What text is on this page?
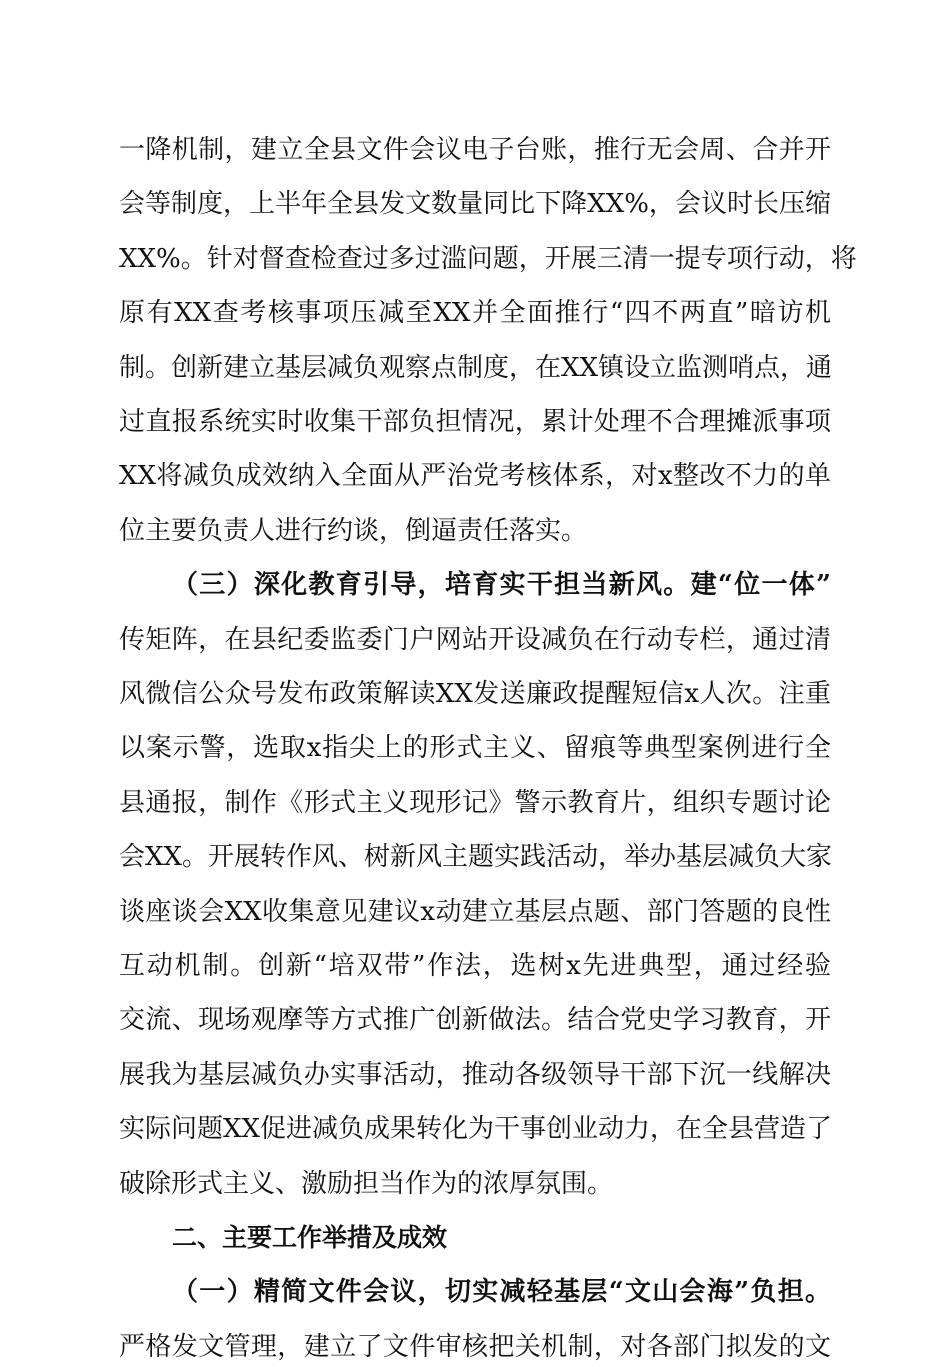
一降机制，建立全县文件会议电子台账，推行无会周、合并开
会等制度，上半年全县发文数量同比下降XX%，会议时长压缩
XX%。针对督查检查过多过滥问题，开展三清一提专项行动，将
原有XX查考核事项压减至XX并全面推行“四不两直”暗访机
制。创新建立基层减负观察点制度，在XX镇设立监测哨点，通
过直报系统实时收集干部负担情况，累计处理不合理摊派事项
XX将减负成效纳入全面从严治党考核体系，对x整改不力的单
位主要负责人进行约谈，倒逼责任落实。
（三）深化教育引导，培育实干担当新风。建“位一体”
传矩阵，在县纪委监委门户网站开设减负在行动专栏，通过清
风微信公众号发布政策解读XX发送廉政提醒短信x人次。注重
以案示警，选取x指尖上的形式主义、留痕等典型案例进行全
县通报，制作《形式主义现形记》警示教育片，组织专题讨论
会XX。开展转作风、树新风主题实践活动，举办基层减负大家
谈座谈会XX收集意见建议x动建立基层点题、部门答题的良性
互动机制。创新“培双带”作法，选树x先进典型，通过经验
交流、现场观摩等方式推广创新做法。结合党史学习教育，开
展我为基层减负办实事活动，推动各级领导干部下沉一线解决
实际问题XX促进减负成果转化为干事创业动力，在全县营造了
破除形式主义、激励担当作为的浓厚氛围。
二、主要工作举措及成效
（一）精简文件会议，切实减轻基层“文山会海”负担。
严格发文管理，建立了文件审核把关机制，对各部门拟发的文
